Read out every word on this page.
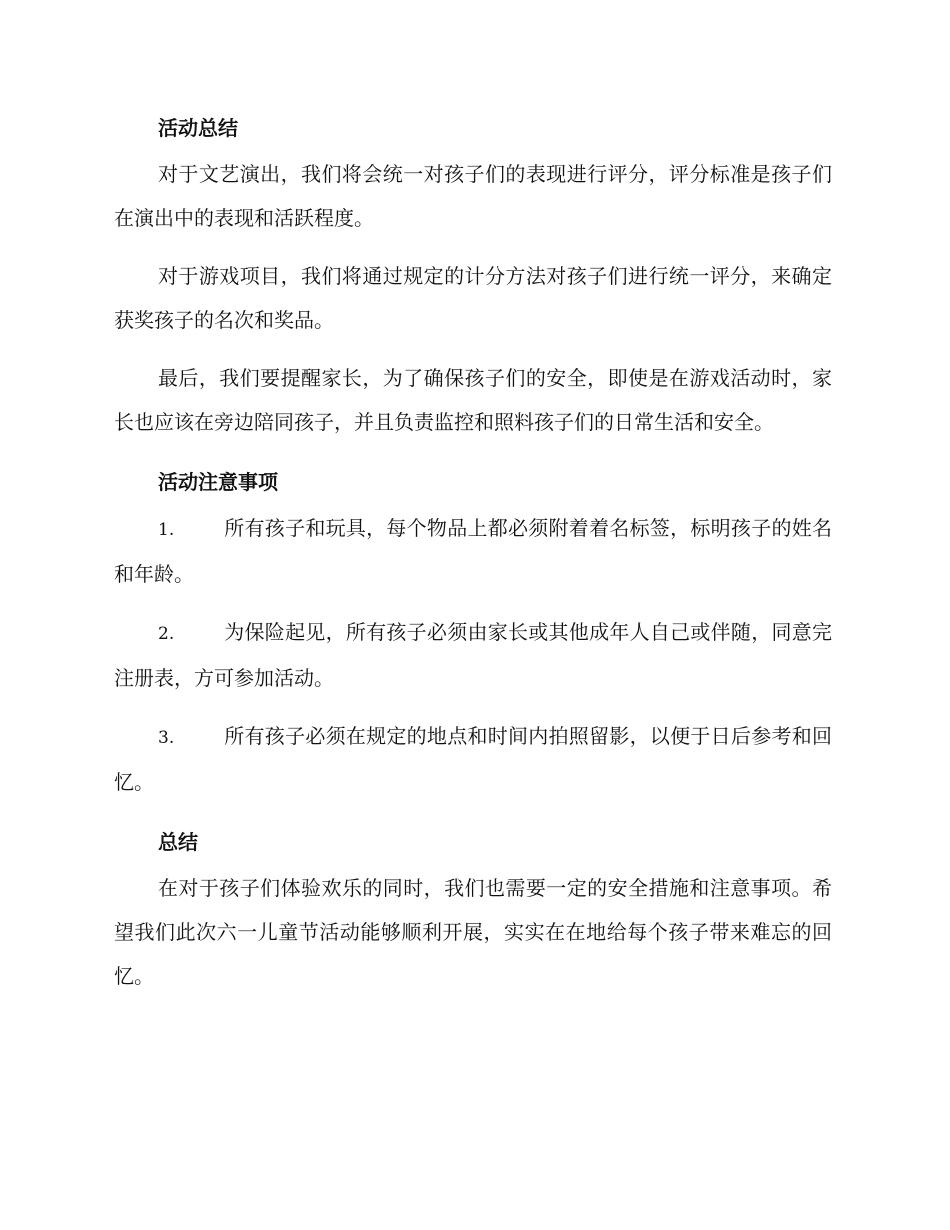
活动总结

对于文艺演出，我们将会统一对孩子们的表现进行评分，评分标准是孩子们在演出中的表现和活跃程度。

对于游戏项目，我们将通过规定的计分方法对孩子们进行统一评分，来确定获奖孩子的名次和奖品。

最后，我们要提醒家长，为了确保孩子们的安全，即使是在游戏活动时，家长也应该在旁边陪同孩子，并且负责监控和照料孩子们的日常生活和安全。

活动注意事项

1. 所有孩子和玩具，每个物品上都必须附着着名标签，标明孩子的姓名和年龄。

2. 为保险起见，所有孩子必须由家长或其他成年人自己或伴随，同意完注册表，方可参加活动。

3. 所有孩子必须在规定的地点和时间内拍照留影，以便于日后参考和回忆。

总结

在对于孩子们体验欢乐的同时，我们也需要一定的安全措施和注意事项。希望我们此次六一儿童节活动能够顺利开展，实实在在地给每个孩子带来难忘的回忆。
